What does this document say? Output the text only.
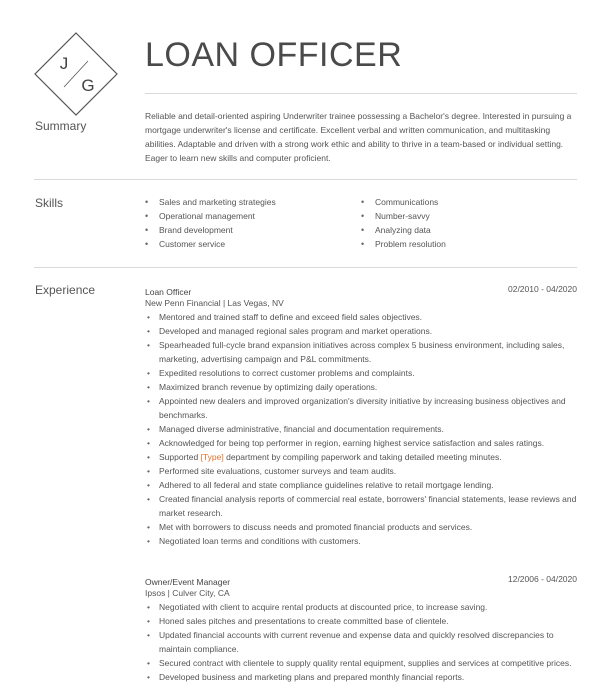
J
G
LOAN OFFICER
Summary

Reliable and detail-oriented aspiring Underwriter trainee possessing a Bachelor's degree. Interested in pursuing a mortgage underwriter's license and certificate. Excellent verbal and written communication, and multitasking abilities. Adaptable and driven with a strong work ethic and ability to thrive in a team-based or individual setting. Eager to learn new skills and computer proficient.

Skills	• Sales and marketing strategies
• Operational management
• Brand development
• Customer service
• Communications
• Number-savvy
• Analyzing data
• Problem resolution
Experience	Loan Officer	02/2010 - 04/2020
New Penn Financial | Las Vegas, NV
• Mentored and trained staff to define and exceed field sales objectives.
• Developed and managed regional sales program and market operations.
• Spearheaded full-cycle brand expansion initiatives across complex 5 business environment, including sales, marketing, advertising campaign and P&L commitments.
• Expedited resolutions to correct customer problems and complaints.
• Maximized branch revenue by optimizing daily operations.
• Appointed new dealers and improved organization's diversity initiative by increasing business objectives and benchmarks.
• Managed diverse administrative, financial and documentation requirements.
• Acknowledged for being top performer in region, earning highest service satisfaction and sales ratings.
• Supported [Type] department by compiling paperwork and taking detailed meeting minutes.
• Performed site evaluations, customer surveys and team audits.
• Adhered to all federal and state compliance guidelines relative to retail mortgage lending.
• Created financial analysis reports of commercial real estate, borrowers' financial statements, lease reviews and market research.
• Met with borrowers to discuss needs and promoted financial products and services.
• Negotiated loan terms and conditions with customers.
Owner/Event Manager	12/2006 - 04/2020
Ipsos | Culver City, CA
• Negotiated with client to acquire rental products at discounted price, to increase saving.
• Honed sales pitches and presentations to create committed base of clientele.
• Updated financial accounts with current revenue and expense data and quickly resolved discrepancies to maintain compliance.
• Secured contract with clientele to supply quality rental equipment, supplies and services at competitive prices.
• Developed business and marketing plans and prepared monthly financial reports.
